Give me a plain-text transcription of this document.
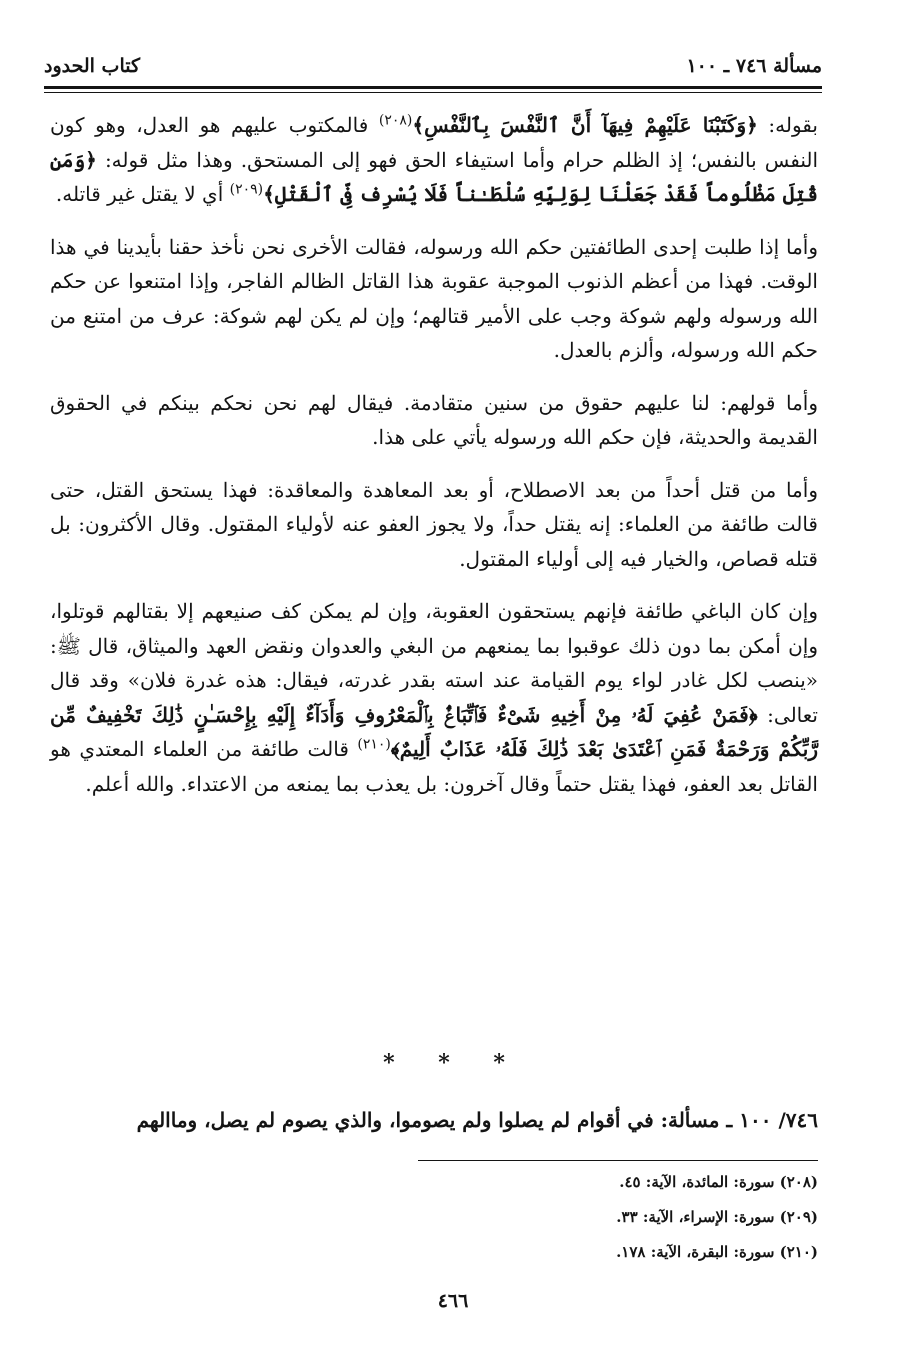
مسألة ٧٤٦ ـ ١٠٠
كتاب الحدود

بقوله: ﴿وَكَتَبْنَا عَلَيْهِمْ فِيهَآ أَنَّ ٱلنَّفْسَ بِٱلنَّفْسِ﴾$^{(٢٠٨)}$ فالمكتوب عليهم هو العدل، وهو كون النفس بالنفس؛ إذ الظلم حرام وأما استيفاء الحق فهو إلى المستحق. وهذا مثل قوله: ﴿وَمَن قُتِلَ مَظْلُوماً فَقَدْ جَعَلْنَا لِوَلِيِّهِ سُلْطَـٰناً فَلَا يُسْرِف فِّى ٱلْقَتْلِ﴾$^{(٢٠٩)}$ أي لا يقتل غير قاتله.

وأما إذا طلبت إحدى الطائفتين حكم الله ورسوله، فقالت الأخرى نحن نأخذ حقنا بأيدينا في هذا الوقت. فهذا من أعظم الذنوب الموجبة عقوبة هذا القاتل الظالم الفاجر، وإذا امتنعوا عن حكم الله ورسوله ولهم شوكة وجب على الأمير قتالهم؛ وإن لم يكن لهم شوكة: عرف من امتنع من حكم الله ورسوله، وألزم بالعدل.

وأما قولهم: لنا عليهم حقوق من سنين متقادمة. فيقال لهم نحن نحكم بينكم في الحقوق القديمة والحديثة، فإن حكم الله ورسوله يأتي على هذا.

وأما من قتل أحداً من بعد الاصطلاح، أو بعد المعاهدة والمعاقدة: فهذا يستحق القتل، حتى قالت طائفة من العلماء: إنه يقتل حداً، ولا يجوز العفو عنه لأولياء المقتول. وقال الأكثرون: بل قتله قصاص، والخيار فيه إلى أولياء المقتول.

وإن كان الباغي طائفة فإنهم يستحقون العقوبة، وإن لم يمكن كف صنيعهم إلا بقتالهم قوتلوا، وإن أمكن بما دون ذلك عوقبوا بما يمنعهم من البغي والعدوان ونقض العهد والميثاق، قال ﷺ: «ينصب لكل غادر لواء يوم القيامة عند استه بقدر غدرته، فيقال: هذه غدرة فلان» وقد قال تعالى: ﴿فَمَنْ عُفِيَ لَهُۥ مِنْ أَخِيهِ شَىْءٌ فَٱتِّبَاعٌۢ بِٱلْمَعْرُوفِ وَأَدَآءٌ إِلَيْهِ بِإِحْسَـٰنٍ ذَٰلِكَ تَخْفِيفٌ مِّن رَّبِّكُمْ وَرَحْمَةٌ فَمَنِ ٱعْتَدَىٰ بَعْدَ ذَٰلِكَ فَلَهُۥ عَذَابٌ أَلِيمٌ﴾$^{(٢١٠)}$ قالت طائفة من العلماء المعتدي هو القاتل بعد العفو، فهذا يقتل حتماً وقال آخرون: بل يعذب بما يمنعه من الاعتداء. والله أعلم.

* * *
٧٤٦/ ١٠٠ ـ مسألة: في أقوام لم يصلوا ولم يصوموا، والذي يصوم لم يصل، وماالهم
(٢٠٨) سورة: المائدة، الآية: ٤٥.
(٢٠٩) سورة: الإسراء، الآية: ٣٣.
(٢١٠) سورة: البقرة، الآية: ١٧٨.
٤٦٦
